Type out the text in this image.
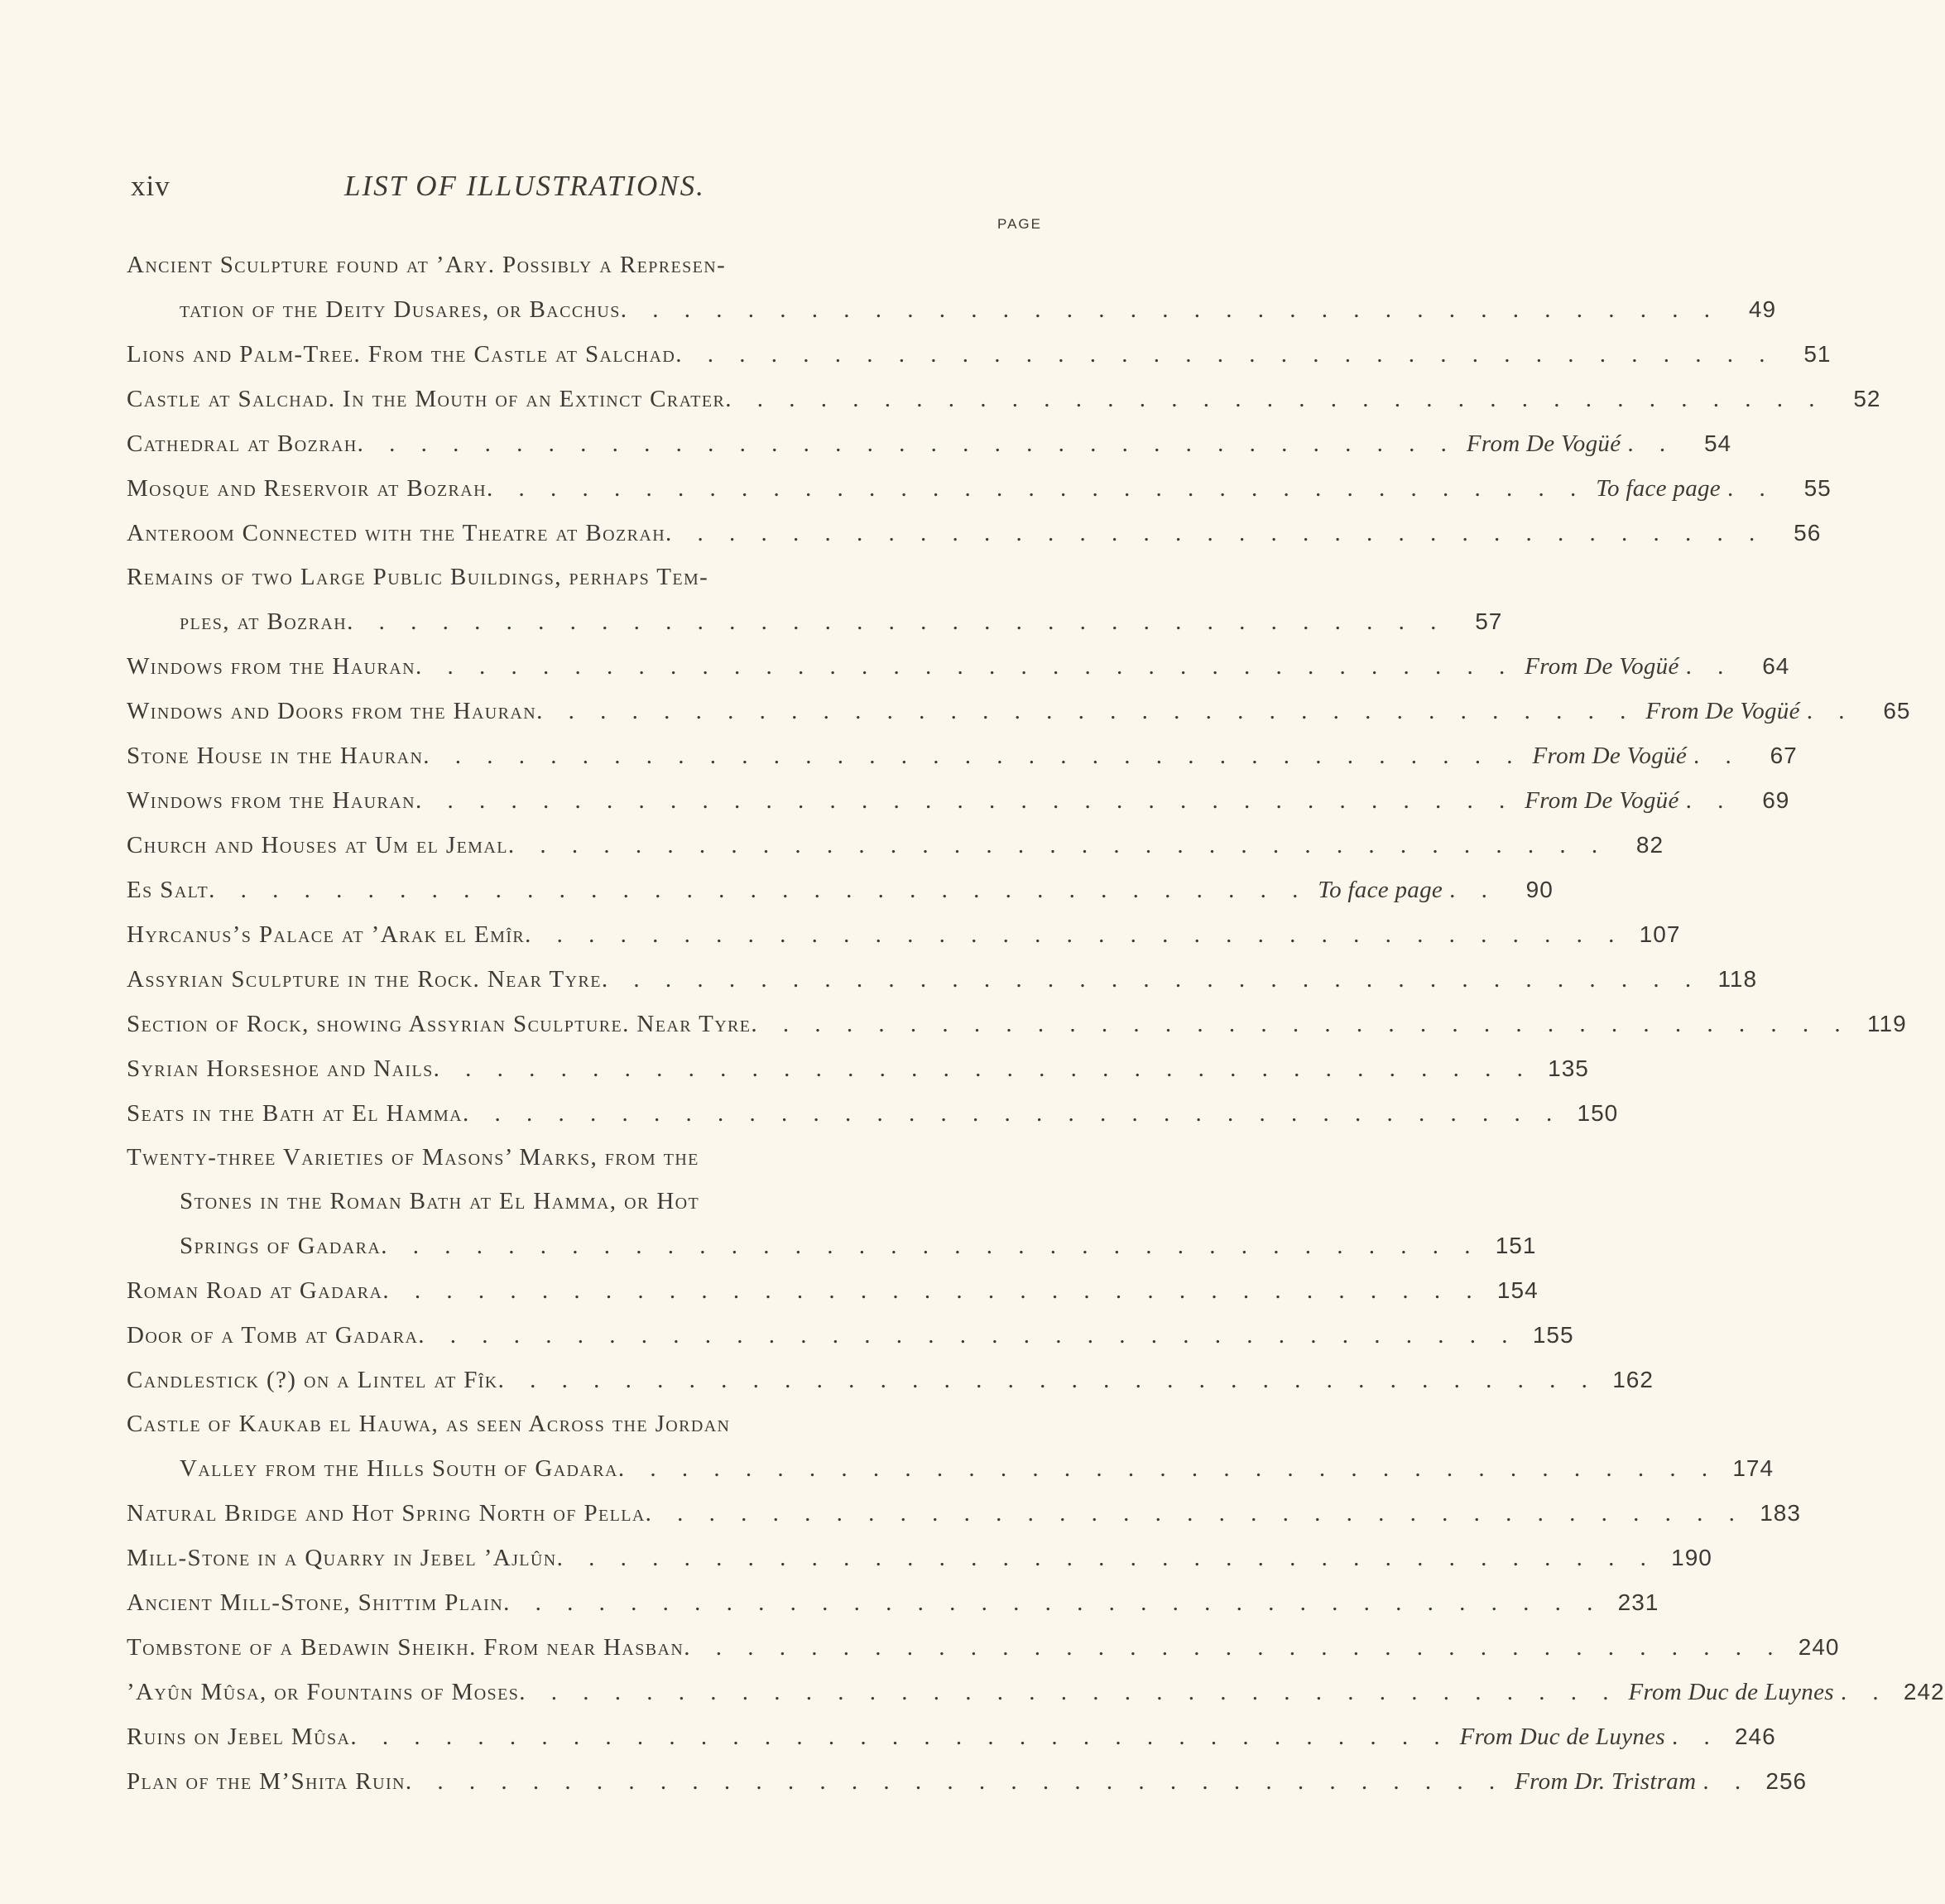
xiv	LIST OF ILLUSTRATIONS.
PAGE
Ancient Sculpture found at ’Ary. Possibly a Represen-
tation of the Deity Dusares, or Bacchus . . . . . . . . . . . . . . . . . . . . . . . . . . . . . . . . . . .	49
Lions and Palm-Tree. From the Castle at Salchad . . . . . . . . . . . . . . . . . . . . . . . . . . . . . . . . . . .	51
Castle at Salchad. In the Mouth of an Extinct Crater . . . . . . . . . . . . . . . . . . . . . . . . . . . . . . . . . . .	52
Cathedral at Bozrah . . . . . . . . . . . . . . . . . . . . . . . . . . . . . . . . . . . From De Vogüé . .	54
Mosque and Reservoir at Bozrah . . . . . . . . . . . . . . . . . . . . . . . . . . . . . . . . . . . To face page . .	55
Anteroom Connected with the Theatre at Bozrah . . . . . . . . . . . . . . . . . . . . . . . . . . . . . . . . . . .	56
Remains of two Large Public Buildings, perhaps Tem-
ples, at Bozrah . . . . . . . . . . . . . . . . . . . . . . . . . . . . . . . . . . .	57
Windows from the Hauran . . . . . . . . . . . . . . . . . . . . . . . . . . . . . . . . . . . From De Vogüé . .	64
Windows and Doors from the Hauran . . . . . . . . . . . . . . . . . . . . . . . . . . . . . . . . . . . From De Vogüé . .	65
Stone House in the Hauran . . . . . . . . . . . . . . . . . . . . . . . . . . . . . . . . . . . From De Vogüé . .	67
Windows from the Hauran . . . . . . . . . . . . . . . . . . . . . . . . . . . . . . . . . . . From De Vogüé . .	69
Church and Houses at Um el Jemal . . . . . . . . . . . . . . . . . . . . . . . . . . . . . . . . . . .	82
Es Salt . . . . . . . . . . . . . . . . . . . . . . . . . . . . . . . . . . . To face page . .	90
Hyrcanus’s Palace at ’Arak el Emîr . . . . . . . . . . . . . . . . . . . . . . . . . . . . . . . . . . . 107
Assyrian Sculpture in the Rock. Near Tyre . . . . . . . . . . . . . . . . . . . . . . . . . . . . . . . . . . . 118
Section of Rock, showing Assyrian Sculpture. Near Tyre . . . . . . . . . . . . . . . . . . . . . . . . . . . . . . . . . . . 119
Syrian Horseshoe and Nails . . . . . . . . . . . . . . . . . . . . . . . . . . . . . . . . . . . 135
Seats in the Bath at El Hamma . . . . . . . . . . . . . . . . . . . . . . . . . . . . . . . . . . . 150
Twenty-three Varieties of Masons’ Marks, from the
Stones in the Roman Bath at El Hamma, or Hot
Springs of Gadara . . . . . . . . . . . . . . . . . . . . . . . . . . . . . . . . . . . 151
Roman Road at Gadara . . . . . . . . . . . . . . . . . . . . . . . . . . . . . . . . . . . 154
Door of a Tomb at Gadara . . . . . . . . . . . . . . . . . . . . . . . . . . . . . . . . . . . 155
Candlestick (?) on a Lintel at Fîk . . . . . . . . . . . . . . . . . . . . . . . . . . . . . . . . . . . 162
Castle of Kaukab el Hauwa, as seen Across the Jordan
Valley from the Hills South of Gadara . . . . . . . . . . . . . . . . . . . . . . . . . . . . . . . . . . . 174
Natural Bridge and Hot Spring North of Pella . . . . . . . . . . . . . . . . . . . . . . . . . . . . . . . . . . . 183
Mill-Stone in a Quarry in Jebel ’Ajlûn . . . . . . . . . . . . . . . . . . . . . . . . . . . . . . . . . . . 190
Ancient Mill-Stone, Shittim Plain . . . . . . . . . . . . . . . . . . . . . . . . . . . . . . . . . . . 231
Tombstone of a Bedawin Sheikh. From near Hasban . . . . . . . . . . . . . . . . . . . . . . . . . . . . . . . . . . . 240
’Ayûn Mûsa, or Fountains of Moses . . . . . . . . . . . . . . . . . . . . . . . . . . . . . . . . . . . From Duc de Luynes . . 242
Ruins on Jebel Mûsa . . . . . . . . . . . . . . . . . . . . . . . . . . . . . . . . . . . From Duc de Luynes . . 246
Plan of the M’Shita Ruin . . . . . . . . . . . . . . . . . . . . . . . . . . . . . . . . . . . From Dr. Tristram . . 256
